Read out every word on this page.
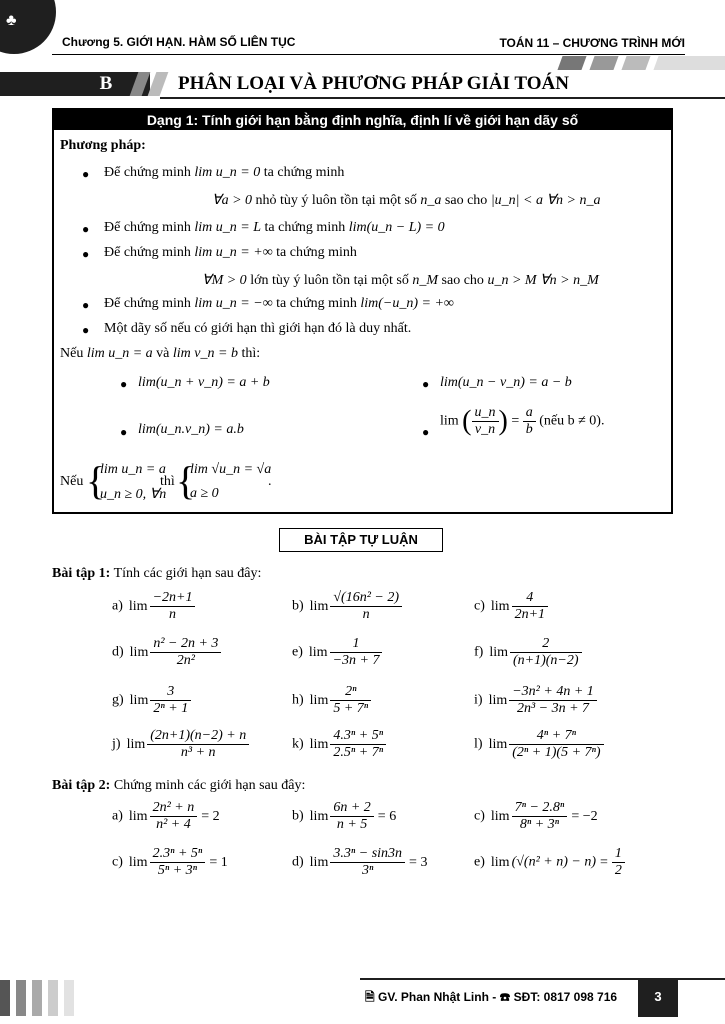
♣
Chương 5. GIỚI HẠN. HÀM SỐ LIÊN TỤC	TOÁN 11 – CHƯƠNG TRÌNH MỚI
B	PHÂN LOẠI VÀ PHƯƠNG PHÁP GIẢI TOÁN
Dạng 1: Tính giới hạn bằng định nghĩa, định lí về giới hạn dãy số
Phương pháp:
● Để chứng minh lim u_n = 0 ta chứng minh
∀a > 0 nhỏ tùy ý luôn tồn tại một số n_a sao cho |u_n| < a ∀n > n_a
● Để chứng minh lim u_n = L ta chứng minh lim(u_n − L) = 0
● Để chứng minh lim u_n = +∞ ta chứng minh
∀M > 0 lớn tùy ý luôn tồn tại một số n_M sao cho u_n > M ∀n > n_M
● Để chứng minh lim u_n = −∞ ta chứng minh lim(−u_n) = +∞
● Một dãy số nếu có giới hạn thì giới hạn đó là duy nhất.
Nếu lim u_n = a và lim v_n = b thì:
● lim(u_n + v_n) = a + b	● lim(u_n − v_n) = a − b
● lim(u_n.v_n) = a.b	●
lim ( $\frac{u\_n}{v\_n}$ ) = $\frac{a}{b}$ (nếu b ≠ 0).
Nếu {
lim u_n = a
u_n ≥ 0, ∀n
thì {
lim √u_n = √a
a ≥ 0
.
BÀI TẬP TỰ LUẬN
Bài tập 1: Tính các giới hạn sau đây:
a) $\lim \frac{-2n+1}{n}$	b) $\lim \frac{\text{√(16n² − 2)}}{n}$	c) $\lim \frac{4}{2n+1}$
d) $\lim \frac{\text{n² − 2n + 3}}{\text{2n²}}$	e) $\lim \frac{1}{-3n + 7}$	f) $\lim \frac{2}{(n+1)(n-2)}$
g) $\lim \frac{3}{\text{2ⁿ + 1}}$	h) $\lim \frac{\text{2ⁿ}}{\text{5 + 7ⁿ}}$	i) $\lim \frac{\text{−3n² + 4n + 1}}{\text{2n³ − 3n + 7}}$
j) $\lim \frac{(2n+1)(n-2) + n}{\text{n³ + n}}$	k) $\lim \frac{\text{4.3ⁿ + 5ⁿ}}{\text{2.5ⁿ + 7ⁿ}}$	l) $\lim \frac{\text{4ⁿ + 7ⁿ}}{\text{(2ⁿ + 1)(5 + 7ⁿ)}}$
Bài tập 2: Chứng minh các giới hạn sau đây:
a) $\lim \frac{\text{2n² + n}}{\text{n² + 4}} = 2$	b) $\lim \frac{6n + 2}{n + 5} = 6$	c) $\lim \frac{\text{7ⁿ − 2.8ⁿ}}{\text{8ⁿ + 3ⁿ}} = -2$
c) $\lim \frac{\text{2.3ⁿ + 5ⁿ}}{\text{5ⁿ + 3ⁿ}} = 1$	d) $\lim \frac{\text{3.3ⁿ − sin3n}}{\text{3ⁿ}} = 3$	e) $\lim (√(n^2 + n) - n) = \frac{1}{2}$
🗎 GV. Phan Nhật Linh - ☎ SĐT: 0817 098 716	3
